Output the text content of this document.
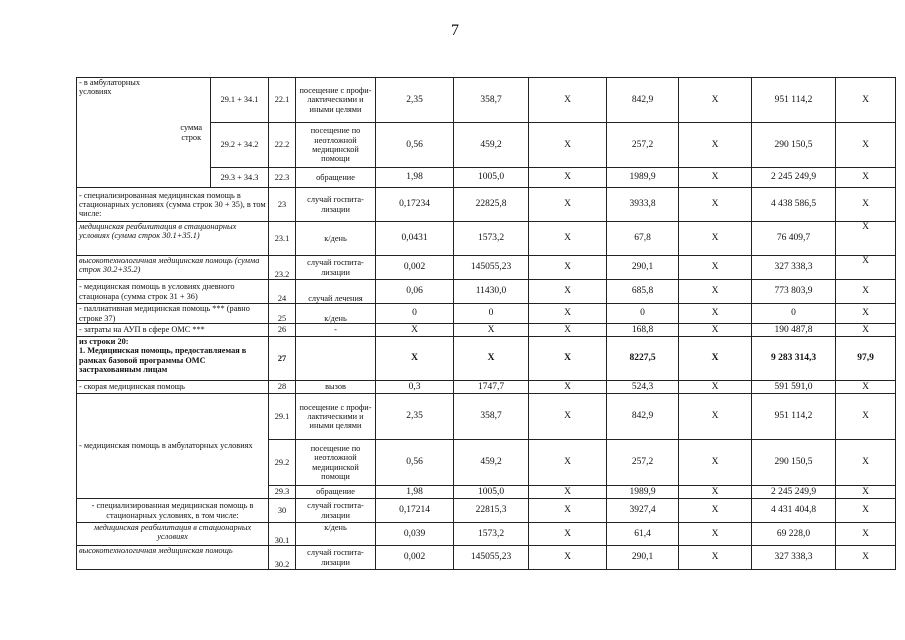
7
- в амбулаторных условиях	сумма строк	29.1 + 34.1	22.1	посещение с профи-лактическими и иными целями	2,35	358,7	Х	842,9	Х	951 114,2	Х
		29.2 + 34.2	22.2	посещение по неотложной медицинской помощи	0,56	459,2	Х	257,2	Х	290 150,5	Х
		29.3 + 34.3	22.3	обращение	1,98	1005,0	Х	1989,9	Х	2 245 249,9	Х
- специализированная медицинская помощь в стационарных условиях (сумма строк 30 + 35), в том числе:			23	случай госпита-лизации	0,17234	22825,8	Х	3933,8	Х	4 438 586,5	Х
медицинская реабилитация в стационарных условиях (сумма строк 30.1+35.1)			23.1	к/день	0,0431	1573,2	Х	67,8	Х	76 409,7	Х
высокотехнологичная медицинская помощь (сумма строк 30.2+35.2)			23.2	случай госпита-лизации	0,002	145055,23	Х	290,1	Х	327 338,3	Х
- медицинская помощь в условиях дневного стационара (сумма строк 31 + 36)			24	случай лечения	0,06	11430,0	Х	685,8	Х	773 803,9	Х
- паллиативная медицинская помощь *** (равно строке 37)			25	к/день	0	0	Х	0	Х	0	Х
- затраты на АУП в сфере ОМС ***			26	-	Х	Х	Х	168,8	Х	190 487,8	Х

из строки 20:
1. Медицинская помощь, предоставляемая в рамках базовой программы ОМС застрахованным лицам			27		Х	Х	Х	8227,5	Х	9 283 314,3	97,9
- скорая медицинская помощь			28	вызов	0,3	1747,7	Х	524,3	Х	591 591,0	Х
- медицинская помощь в амбулаторных условиях			29.1	посещение с профи-лактическими и иными целями	2,35	358,7	Х	842,9	Х	951 114,2	Х
			29.2	посещение по неотложной медицинской помощи	0,56	459,2	Х	257,2	Х	290 150,5	Х
			29.3	обращение	1,98	1005,0	Х	1989,9	Х	2 245 249,9	Х
- специализированная медицинская помощь в стационарных условиях, в том числе:			30	случай госпита-лизации	0,17214	22815,3	Х	3927,4	Х	4 431 404,8	Х
медицинская реабилитация в стационарных условиях			30.1	к/день	0,039	1573,2	Х	61,4	Х	69 228,0	Х
высокотехнологичная медицинская помощь			30.2	случай госпита-лизации	0,002	145055,23	Х	290,1	Х	327 338,3	Х
